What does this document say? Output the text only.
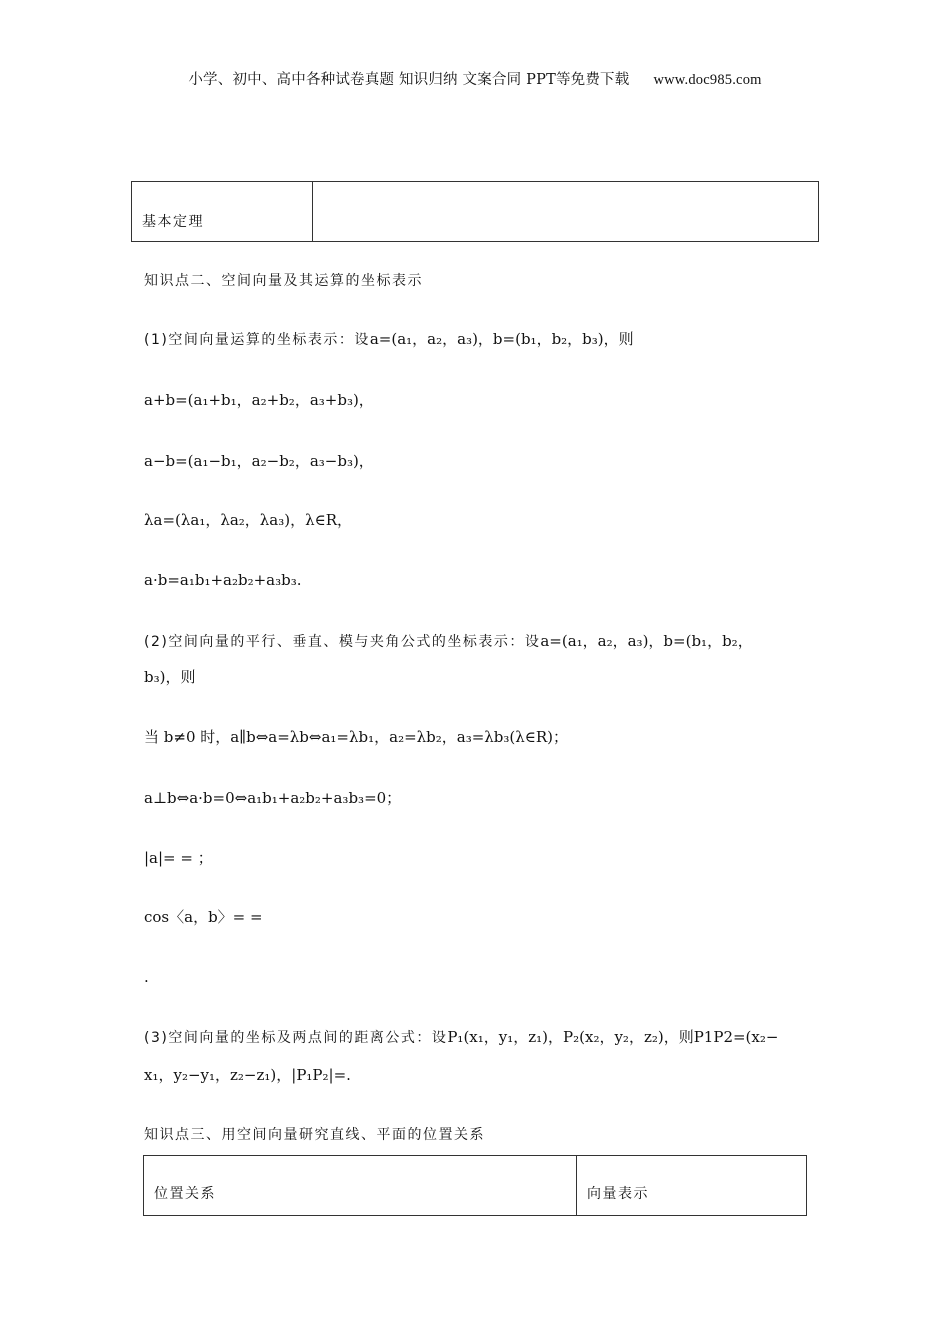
小学、初中、高中各种试卷真题 知识归纳 文案合同 PPT等免费下载 www.doc985.com
基本定理	
知识点二、空间向量及其运算的坐标表示
(1)空间向量运算的坐标表示：设a=(a₁，a₂，a₃)，b=(b₁，b₂，b₃)，则
a+b=(a₁+b₁，a₂+b₂，a₃+b₃)，
a−b=(a₁−b₁，a₂−b₂，a₃−b₃)，
λa=(λa₁，λa₂，λa₃)，λ∈R，
a·b=a₁b₁+a₂b₂+a₃b₃.
(2)空间向量的平行、垂直、模与夹角公式的坐标表示：设a=(a₁，a₂，a₃)，b=(b₁，b₂，
b₃)，则
当 b≠0 时，a∥b⇔a=λb⇔a₁=λb₁，a₂=λb₂，a₃=λb₃(λ∈R)；
a⊥b⇔a·b=0⇔a₁b₁+a₂b₂+a₃b₃=0；
|a|= = ；
cos〈a，b〉= =
.
(3)空间向量的坐标及两点间的距离公式：设P₁(x₁，y₁，z₁)，P₂(x₂，y₂，z₂)，则P1P2=(x₂−
x₁，y₂−y₁，z₂−z₁)，|P₁P₂|=.
知识点三、用空间向量研究直线、平面的位置关系
位置关系	向量表示
